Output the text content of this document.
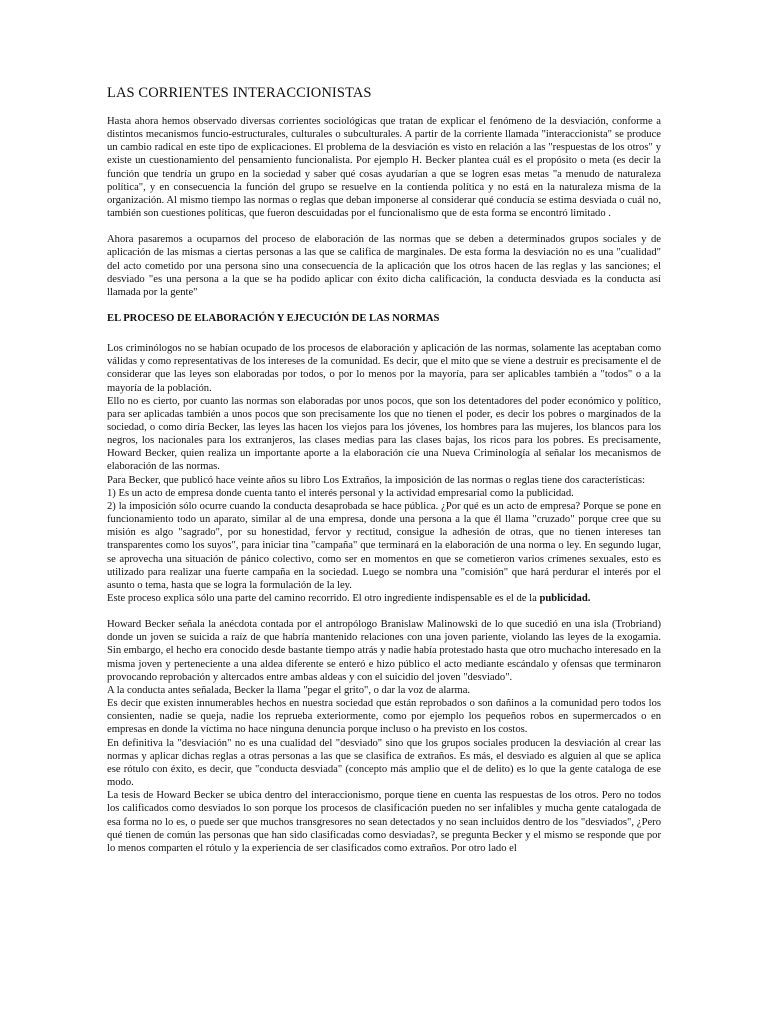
LAS CORRIENTES INTERACCIONISTAS

Hasta ahora hemos observado diversas corrientes sociológicas que tratan de explicar el fenómeno de la desviación, conforme a distintos mecanismos funcio-estructurales, culturales o subculturales. A partir de la corriente llamada "interaccionista" se produce un cambio radical en este tipo de explicaciones. El problema de la desviación es visto en relación a las "respuestas de los otros" y existe un cuestionamiento del pensamiento funcionalista. Por ejemplo H. Becker plantea cuál es el propósito o meta (es decir la función que tendría un grupo en la sociedad y saber qué cosas ayudarían a que se logren esas metas "a menudo de naturaleza política", y en consecuencia la función del grupo se resuelve en la contienda política y no está en la naturaleza misma de la organización. Al mismo tiempo las normas o reglas que deban imponerse al considerar qué conducía se estima desviada o cuál no, también son cuestiones políticas, que fueron descuidadas por el funcionalismo que de esta forma se encontró limitado .

Ahora pasaremos a ocuparnos del proceso de elaboración de las normas que se deben a determinados grupos sociales y de aplicación de las mismas a ciertas personas a las que se califica de marginales. De esta forma la desviación no es una "cualidad" del acto cometido por una persona sino una consecuencia de la aplicación que los otros hacen de las reglas y las sanciones; el desviado "es una persona a la que se ha podido aplicar con éxito dicha calificación, la conducta desviada es la conducta así llamada por la gente"

EL PROCESO DE ELABORACIÓN Y EJECUCIÓN DE LAS NORMAS

Los criminólogos no se habían ocupado de los procesos de elaboración y aplicación de las normas, solamente las aceptaban como válidas y como representativas de los intereses de la comunidad. Es decir, que el mito que se viene a destruir es precisamente el de considerar que las leyes son elaboradas por todos, o por lo menos por la mayoría, para ser aplicables también a "todos" o a la mayoría de la población.

Ello no es cierto, por cuanto las normas son elaboradas por unos pocos, que son los detentadores del poder económico y político, para ser aplicadas también a unos pocos que son precisamente los que no tienen el poder, es decir los pobres o marginados de la sociedad, o como diría Becker, las leyes las hacen los viejos para los jóvenes, los hombres para las mujeres, los blancos para los negros, los nacionales para los extranjeros, las clases medias para las clases bajas, los ricos para los pobres. Es precisamente, Howard Becker, quien realiza un importante aporte a la elaboración cíe una Nueva Criminología al señalar los mecanismos de elaboración de las normas.

Para Becker, que publicó hace veinte años su libro Los Extraños, la imposición de las normas o reglas tiene dos características:

1) Es un acto de empresa donde cuenta tanto el interés personal y la actividad empresarial como la publicidad.

2) la imposición sólo ocurre cuando la conducta desaprobada se hace pública. ¿Por qué es un acto de empresa? Porque se pone en funcionamiento todo un aparato, similar al de una empresa, donde una persona a la que él llama "cruzado" porque cree que su misión es algo "sagrado", por su honestidad, fervor y rectitud, consigue la adhesión de otras, que no tienen intereses tan transparentes como los suyos", para iniciar tina "campaña" que terminará en la elaboración de una norma o ley. En segundo lugar, se aprovecha una situación de pánico colectivo, como ser en momentos en que se cometieron varios crímenes sexuales, esto es utilizado para realizar una fuerte campaña en la sociedad. Luego se nombra una "comisión" que hará perdurar el interés por el asunto o tema, hasta que se logra la formulación de la ley.

Este proceso explica sólo una parte del camino recorrido. El otro ingrediente indispensable es el de la publicidad.

Howard Becker señala la anécdota contada por el antropólogo Branislaw Malinowski de lo que sucedió en una isla (Trobriand) donde un joven se suicida a raíz de que habría mantenido relaciones con una joven pariente, violando las leyes de la exogamia. Sin embargo, el hecho era conocido desde bastante tiempo atrás y nadie había protestado hasta que otro muchacho interesado en la misma joven y perteneciente a una aldea diferente se enteró e hizo público el acto mediante escándalo y ofensas que terminaron provocando reprobación y altercados entre ambas aldeas y con el suicidio del joven "desviado".

A la conducta antes señalada, Becker la llama "pegar el grito", o dar la voz de alarma.

Es decir que existen innumerables hechos en nuestra sociedad que están reprobados o son dañinos a la comunidad pero todos los consienten, nadie se queja, nadie los reprueba exteriormente, como por ejemplo los pequeños robos en supermercados o en empresas en donde la víctima no hace ninguna denuncia porque incluso o ha previsto en los costos.

En definitiva la "desviación" no es una cualidad del "desviado" sino que los grupos sociales producen la desviación al crear las normas y aplicar dichas reglas a otras personas a las que se clasifica de extraños. Es más, el desviado es alguien al que se aplica ese rótulo con éxito, es decir, que "conducta desviada" (concepto más amplio que el de delito) es lo que la gente cataloga de ese modo.

La tesis de Howard Becker se ubica dentro del interaccionismo, porque tiene en cuenta las respuestas de los otros. Pero no todos los calificados como desviados lo son porque los procesos de clasificación pueden no ser infalibles y mucha gente catalogada de esa forma no lo es, o puede ser que muchos transgresores no sean detectados y no sean incluidos dentro de los "desviados", ¿Pero qué tienen de común las personas que han sido clasificadas como desviadas?, se pregunta Becker y el mismo se responde que por lo menos comparten el rótulo y la experiencia de ser clasificados como extraños. Por otro lado el
